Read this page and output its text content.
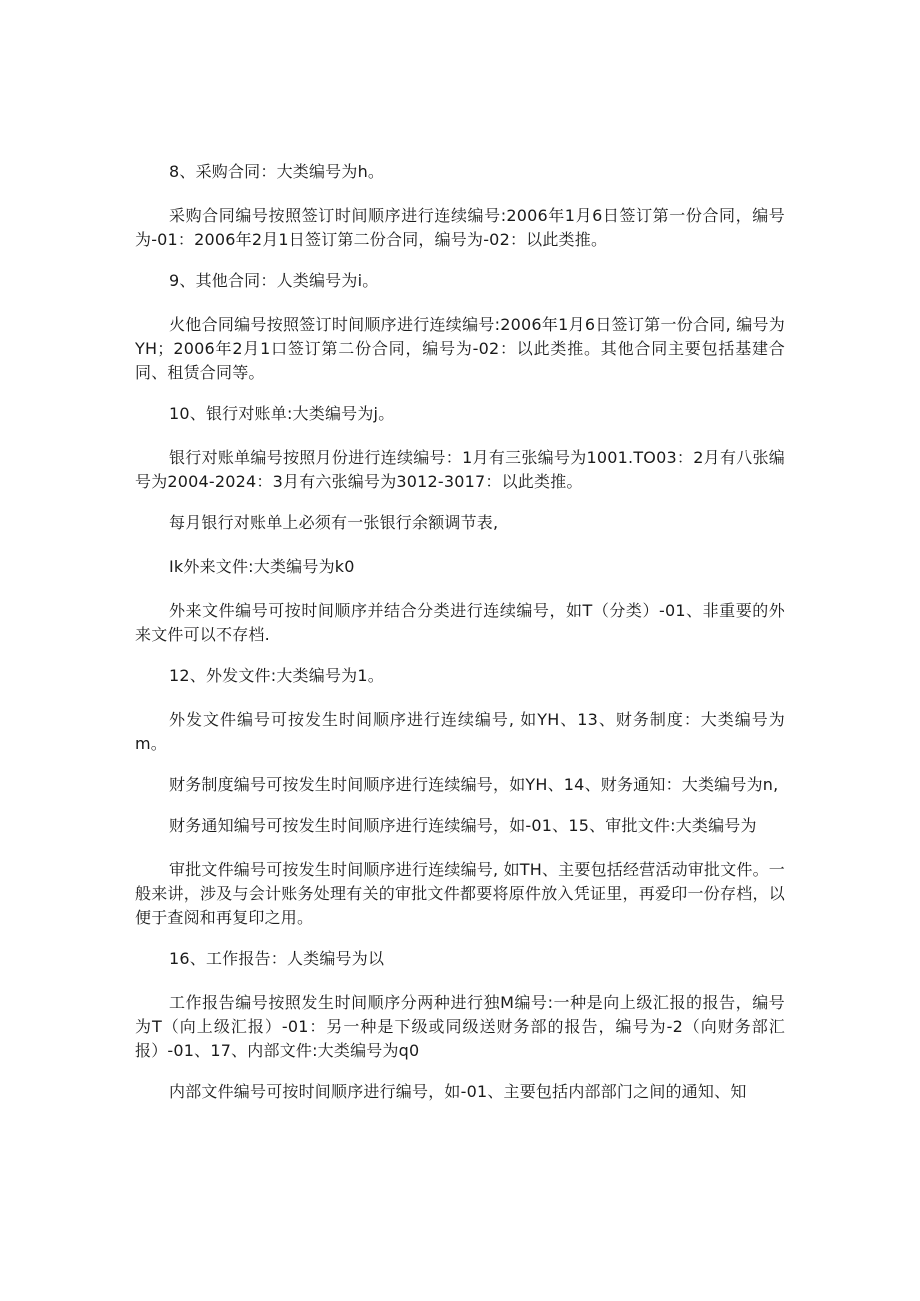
8、采购合同：大类编号为h。

采购合同编号按照签订时间顺序进行连续编号:2006年1月6日签订第一份合同，编号为-01：2006年2月1日签订第二份合同，编号为-02：以此类推。

9、其他合同：人类编号为i。

火他合同编号按照签订时间顺序进行连续编号:2006年1月6日签订第一份合同, 编号为YH；2006年2月1口签订第二份合同，编号为-02：以此类推。其他合同主要包括基建合同、租赁合同等。

10、银行对账单:大类编号为j。

银行对账单编号按照月份进行连续编号：1月有三张编号为1001.TO03：2月有八张编号为2004-2024：3月有六张编号为3012-3017：以此类推。

每月银行对账单上必须有一张银行余额调节表,

Ik外来文件:大类编号为k0

外来文件编号可按时间顺序并结合分类进行连续编号，如T（分类）-01、非重要的外来文件可以不存档.

12、外发文件:大类编号为1。

外发文件编号可按发生时间顺序进行连续编号, 如YH、13、财务制度：大类编号为m。

财务制度编号可按发生时间顺序进行连续编号，如YH、14、财务通知：大类编号为n,

财务通知编号可按发生时间顺序进行连续编号，如-01、15、审批文件:大类编号为

审批文件编号可按发生时间顺序进行连续编号, 如TH、主要包括经营活动审批文件。一般来讲，涉及与会计账务处理有关的审批文件都要将原件放入凭证里，再爱印一份存档，以便于查阅和再复印之用。

16、工作报告：人类编号为以

工作报告编号按照发生时间顺序分两种进行独M编号:一种是向上级汇报的报告，编号为T（向上级汇报）-01：另一种是下级或同级送财务部的报告，编号为-2（向财务部汇报）-01、17、内部文件:大类编号为q0

内部文件编号可按时间顺序进行编号，如-01、主要包括内部部门之间的通知、知
